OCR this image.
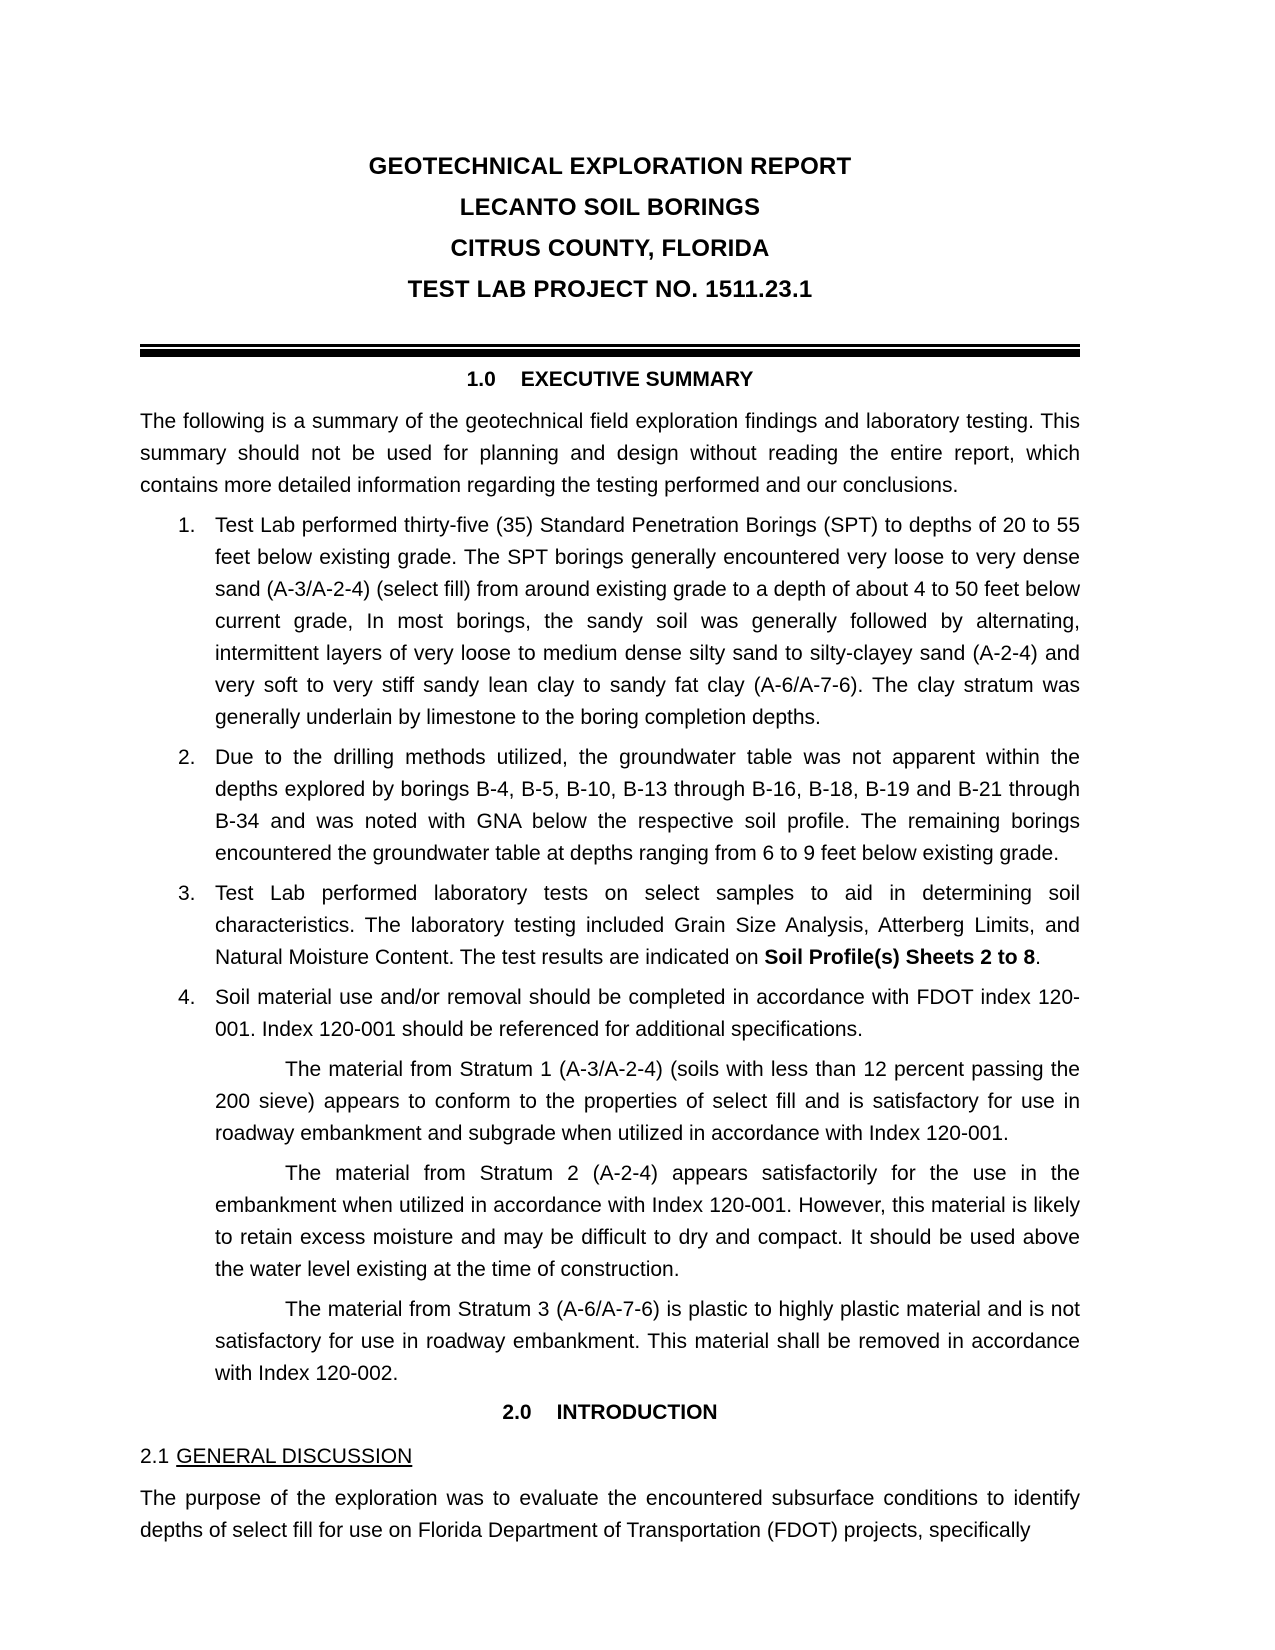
GEOTECHNICAL EXPLORATION REPORT
LECANTO SOIL BORINGS
CITRUS COUNTY, FLORIDA
TEST LAB PROJECT NO. 1511.23.1
1.0 EXECUTIVE SUMMARY

The following is a summary of the geotechnical field exploration findings and laboratory testing. This summary should not be used for planning and design without reading the entire report, which contains more detailed information regarding the testing performed and our conclusions.

1. Test Lab performed thirty-five (35) Standard Penetration Borings (SPT) to depths of 20 to 55 feet below existing grade. The SPT borings generally encountered very loose to very dense sand (A-3/A-2-4) (select fill) from around existing grade to a depth of about 4 to 50 feet below current grade, In most borings, the sandy soil was generally followed by alternating, intermittent layers of very loose to medium dense silty sand to silty-clayey sand (A-2-4) and very soft to very stiff sandy lean clay to sandy fat clay (A-6/A-7-6). The clay stratum was generally underlain by limestone to the boring completion depths.
2. Due to the drilling methods utilized, the groundwater table was not apparent within the depths explored by borings B-4, B-5, B-10, B-13 through B-16, B-18, B-19 and B-21 through B-34 and was noted with GNA below the respective soil profile. The remaining borings encountered the groundwater table at depths ranging from 6 to 9 feet below existing grade.
3. Test Lab performed laboratory tests on select samples to aid in determining soil characteristics. The laboratory testing included Grain Size Analysis, Atterberg Limits, and Natural Moisture Content. The test results are indicated on Soil Profile(s) Sheets 2 to 8.
4. Soil material use and/or removal should be completed in accordance with FDOT index 120-001. Index 120-001 should be referenced for additional specifications.

The material from Stratum 1 (A-3/A-2-4) (soils with less than 12 percent passing the 200 sieve) appears to conform to the properties of select fill and is satisfactory for use in roadway embankment and subgrade when utilized in accordance with Index 120-001.

The material from Stratum 2 (A-2-4) appears satisfactorily for the use in the embankment when utilized in accordance with Index 120-001. However, this material is likely to retain excess moisture and may be difficult to dry and compact. It should be used above the water level existing at the time of construction.

The material from Stratum 3 (A-6/A-7-6) is plastic to highly plastic material and is not satisfactory for use in roadway embankment. This material shall be removed in accordance with Index 120-002.

2.0 INTRODUCTION
2.1 GENERAL DISCUSSION

The purpose of the exploration was to evaluate the encountered subsurface conditions to identify depths of select fill for use on Florida Department of Transportation (FDOT) projects, specifically
